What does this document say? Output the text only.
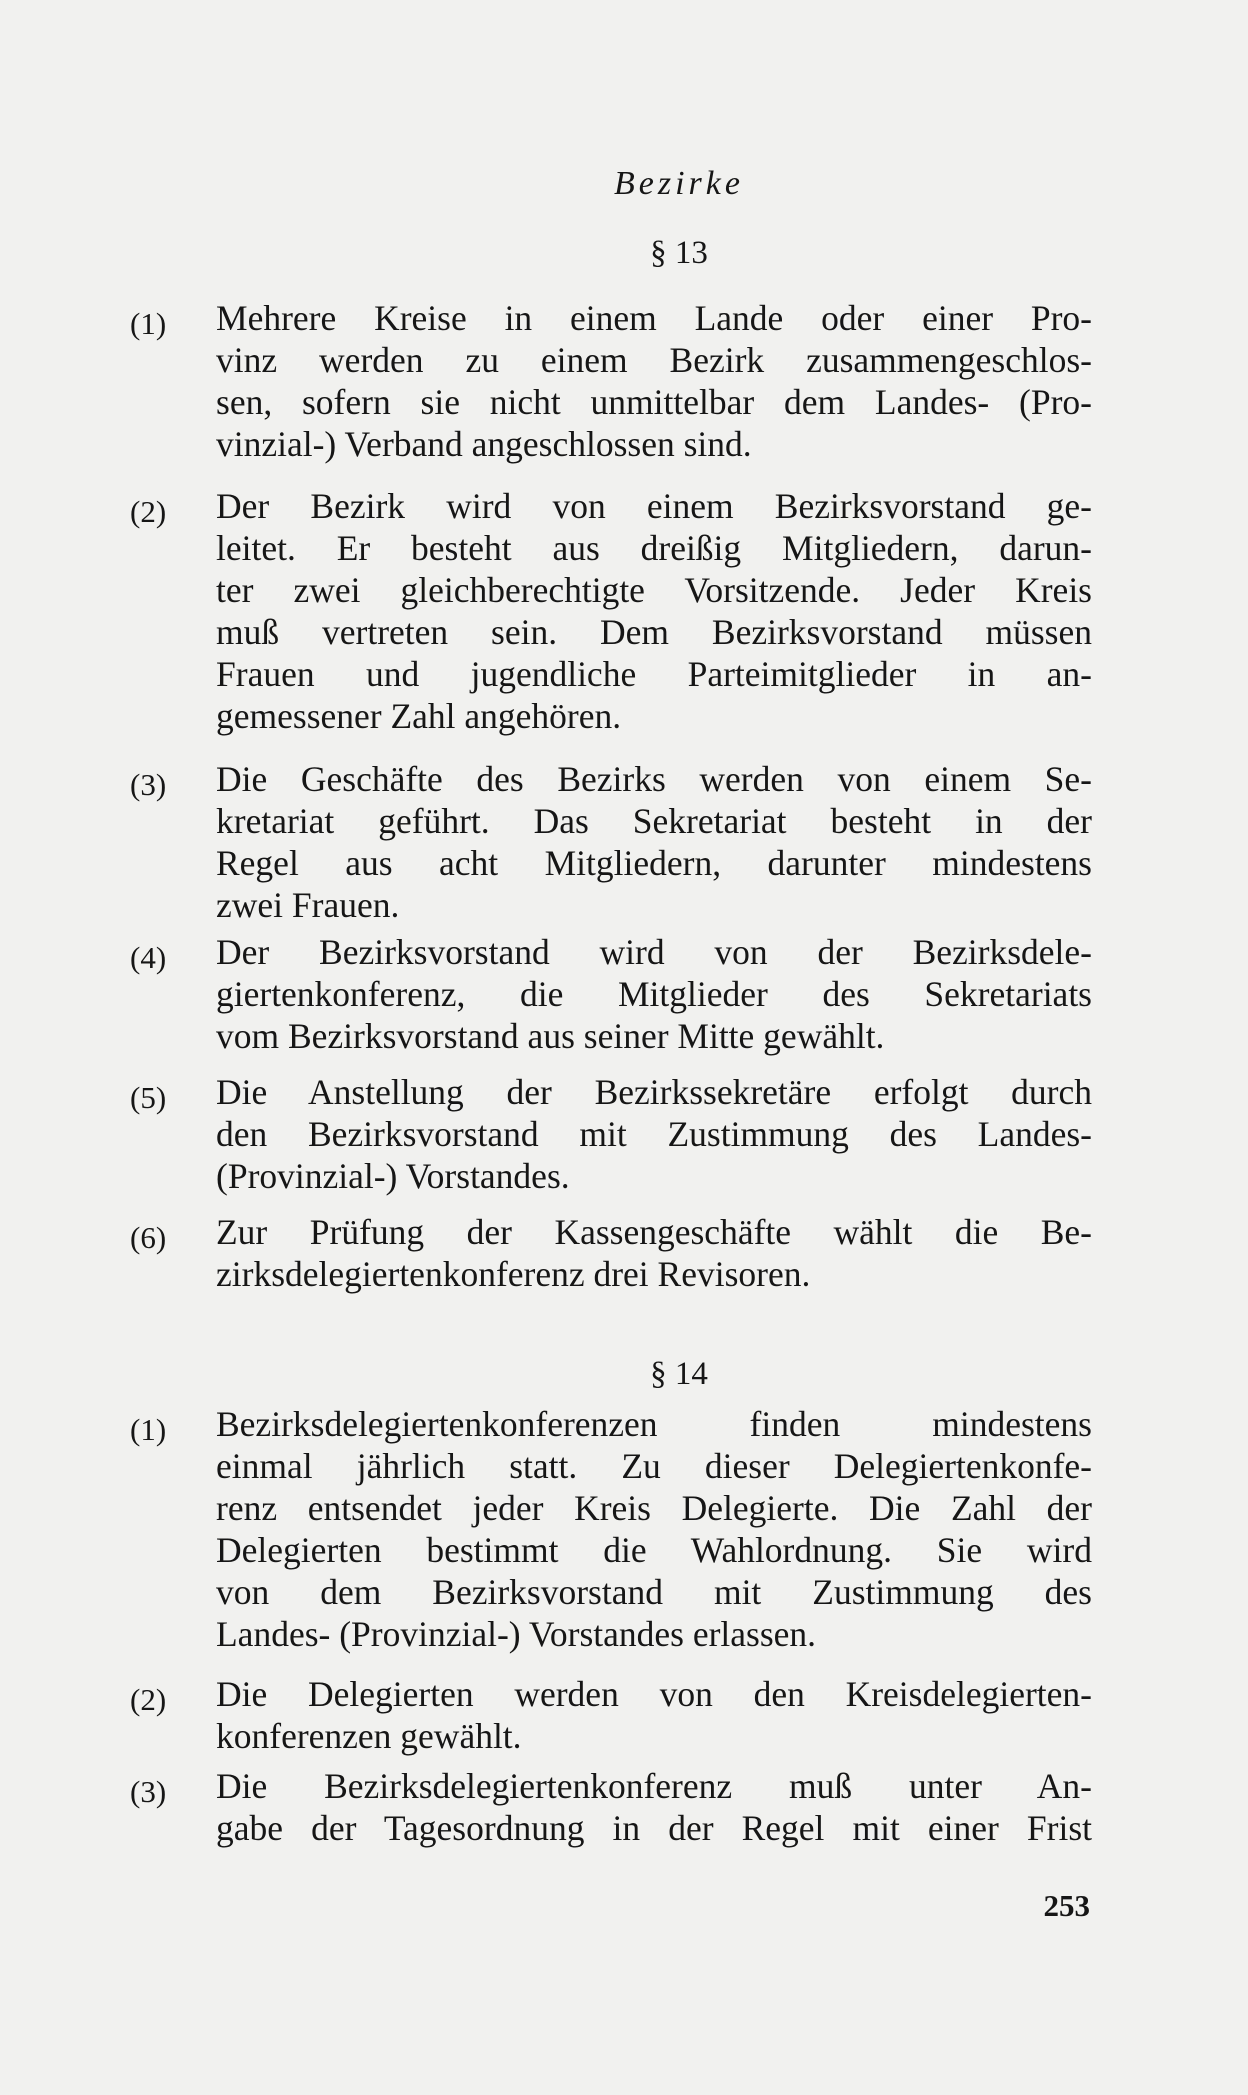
Bezirke
§ 13
(1) Mehrere Kreise in einem Lande oder einer Pro-
vinz werden zu einem Bezirk zusammengeschlos-
sen, sofern sie nicht unmittelbar dem Landes- (Pro-
vinzial-) Verband angeschlossen sind.
(2) Der Bezirk wird von einem Bezirksvorstand ge-
leitet. Er besteht aus dreißig Mitgliedern, darun-
ter zwei gleichberechtigte Vorsitzende. Jeder Kreis
muß vertreten sein. Dem Bezirksvorstand müssen
Frauen und jugendliche Parteimitglieder in an-
gemessener Zahl angehören.
(3) Die Geschäfte des Bezirks werden von einem Se-
kretariat geführt. Das Sekretariat besteht in der
Regel aus acht Mitgliedern, darunter mindestens
zwei Frauen.
(4) Der Bezirksvorstand wird von der Bezirksdele-
giertenkonferenz, die Mitglieder des Sekretariats
vom Bezirksvorstand aus seiner Mitte gewählt.
(5) Die Anstellung der Bezirkssekretäre erfolgt durch
den Bezirksvorstand mit Zustimmung des Landes-
(Provinzial-) Vorstandes.
(6) Zur Prüfung der Kassengeschäfte wählt die Be-
zirksdelegiertenkonferenz drei Revisoren.
§ 14
(1) Bezirksdelegiertenkonferenzen finden mindestens
einmal jährlich statt. Zu dieser Delegiertenkonfe-
renz entsendet jeder Kreis Delegierte. Die Zahl der
Delegierten bestimmt die Wahlordnung. Sie wird
von dem Bezirksvorstand mit Zustimmung des
Landes- (Provinzial-) Vorstandes erlassen.
(2) Die Delegierten werden von den Kreisdelegierten-
konferenzen gewählt.
(3) Die Bezirksdelegiertenkonferenz muß unter An-
gabe der Tagesordnung in der Regel mit einer Frist
253
